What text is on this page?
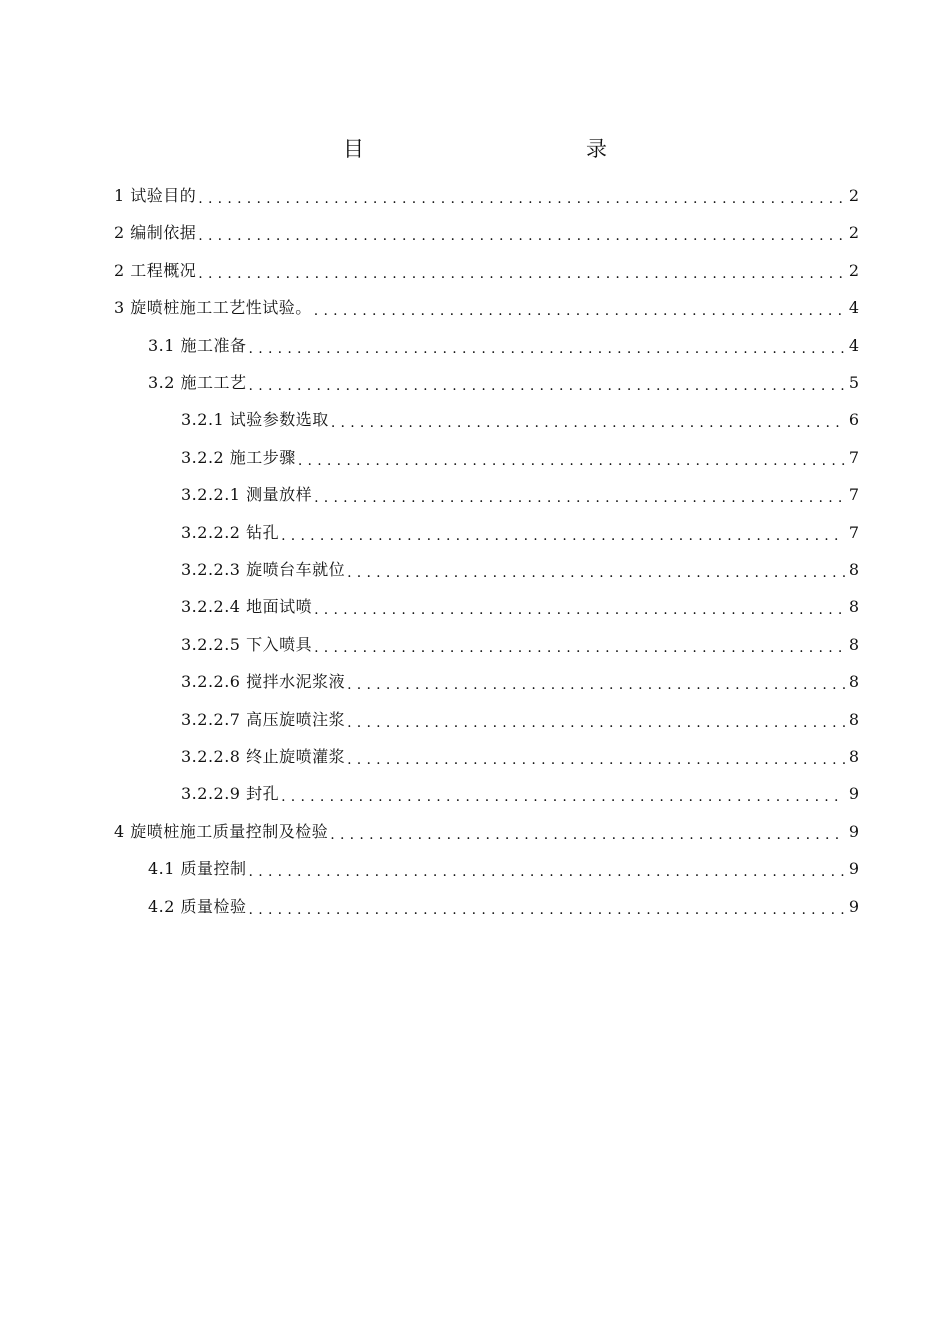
目　　录
1 试验目的 . . .	2
2 编制依据 . . .	2
2 工程概况 . . .	2
3 旋喷桩施工工艺性试验。 . . .	4
3.1 施工准备 . . .	4
3.2 施工工艺 . . .	5
3.2.1 试验参数选取 . . .	6
3.2.2 施工步骤 . . .	7
3.2.2.1 测量放样 . . .	7
3.2.2.2 钻孔 . . .	7
3.2.2.3 旋喷台车就位 . . .	8
3.2.2.4 地面试喷 . . .	8
3.2.2.5 下入喷具 . . .	8
3.2.2.6 搅拌水泥浆液 . . .	8
3.2.2.7 高压旋喷注浆 . . .	8
3.2.2.8 终止旋喷灌浆 . . .	8
3.2.2.9 封孔 . . .	9
4 旋喷桩施工质量控制及检验 . . .	9
4.1 质量控制 . . .	9
4.2 质量检验 . . .	9
